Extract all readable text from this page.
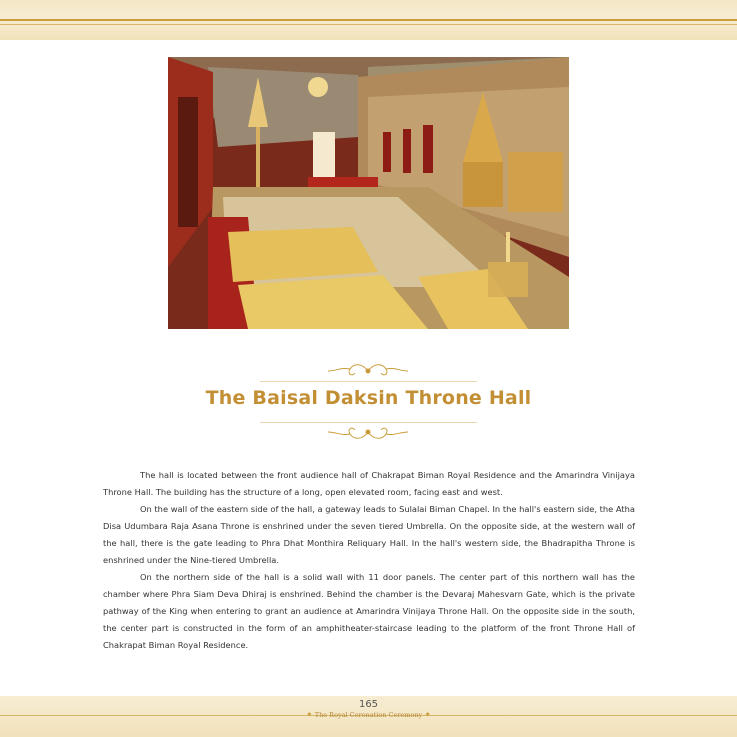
The Baisal Daksin Throne Hall

The hall is located between the front audience hall of Chakrapat Biman Royal Residence and the Amarindra Vinijaya Throne Hall. The building has the structure of a long, open elevated room, facing east and west.

On the wall of the eastern side of the hall, a gateway leads to Sulalai Biman Chapel. In the hall's eastern side, the Atha Disa Udumbara Raja Asana Throne is enshrined under the seven tiered Umbrella. On the opposite side, at the western wall of the hall, there is the gate leading to Phra Dhat Monthira Reliquary Hall. In the hall's western side, the Bhadrapitha Throne is enshrined under the Nine-tiered Umbrella.

On the northern side of the hall is a solid wall with 11 door panels. The center part of this northern wall has the chamber where Phra Siam Deva Dhiraj is enshrined. Behind the chamber is the Devaraj Mahesvarn Gate, which is the private pathway of the King when entering to grant an audience at Amarindra Vinijaya Throne Hall. On the opposite side in the south, the center part is constructed in the form of an amphitheater-staircase leading to the platform of the front Throne Hall of Chakrapat Biman Royal Residence.

165
✦ The Royal Coronation Ceremony ✦
